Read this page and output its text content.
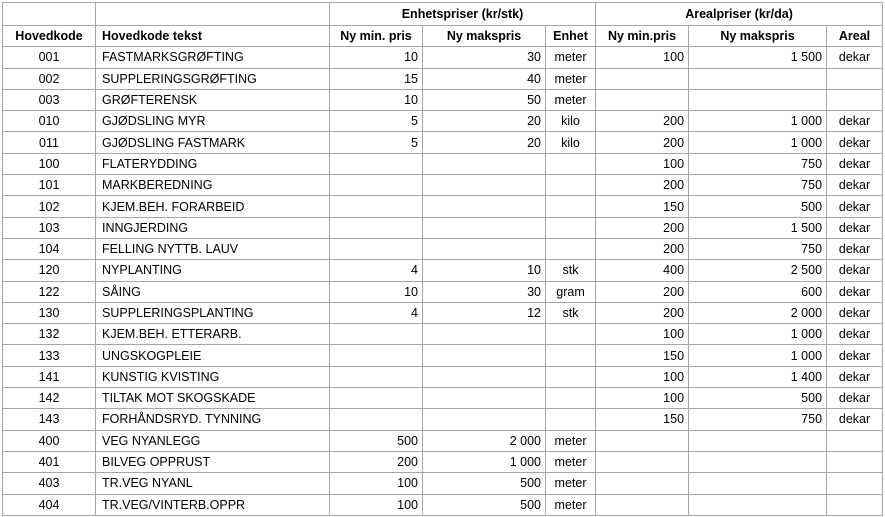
		Enhetspriser (kr/stk)			Arealpriser (kr/da)		
Hovedkode	Hovedkode tekst	Ny min. pris	Ny makspris	Enhet	Ny min.pris	Ny makspris	Areal
001	FASTMARKSGRØFTING	10	30	meter	100	1 500	dekar
002	SUPPLERINGSGRØFTING	15	40	meter			
003	GRØFTERENSK	10	50	meter			
010	GJØDSLING MYR	5	20	kilo	200	1 000	dekar
011	GJØDSLING FASTMARK	5	20	kilo	200	1 000	dekar
100	FLATERYDDING				100	750	dekar
101	MARKBEREDNING				200	750	dekar
102	KJEM.BEH. FORARBEID				150	500	dekar
103	INNGJERDING				200	1 500	dekar
104	FELLING NYTTB. LAUV				200	750	dekar
120	NYPLANTING	4	10	stk	400	2 500	dekar
122	SÅING	10	30	gram	200	600	dekar
130	SUPPLERINGSPLANTING	4	12	stk	200	2 000	dekar
132	KJEM.BEH. ETTERARB.				100	1 000	dekar
133	UNGSKOGPLEIE				150	1 000	dekar
141	KUNSTIG KVISTING				100	1 400	dekar
142	TILTAK MOT SKOGSKADE				100	500	dekar
143	FORHÅNDSRYD. TYNNING				150	750	dekar
400	VEG NYANLEGG	500	2 000	meter			
401	BILVEG OPPRUST	200	1 000	meter			
403	TR.VEG NYANL	100	500	meter			
404	TR.VEG/VINTERB.OPPR	100	500	meter			
